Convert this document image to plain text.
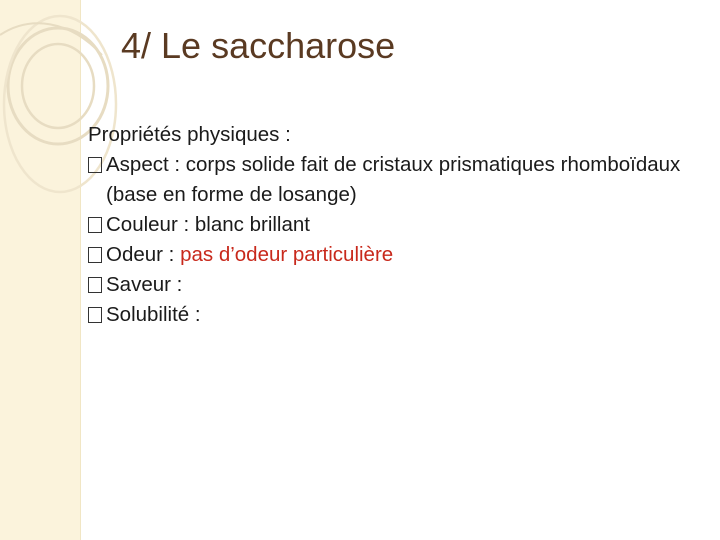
4/ Le saccharose
Propriétés physiques :
Aspect : corps solide fait de cristaux prismatiques rhomboïdaux (base en forme de losange)
Couleur : blanc brillant
Odeur : pas d’odeur particulière
Saveur :
Solubilité :
